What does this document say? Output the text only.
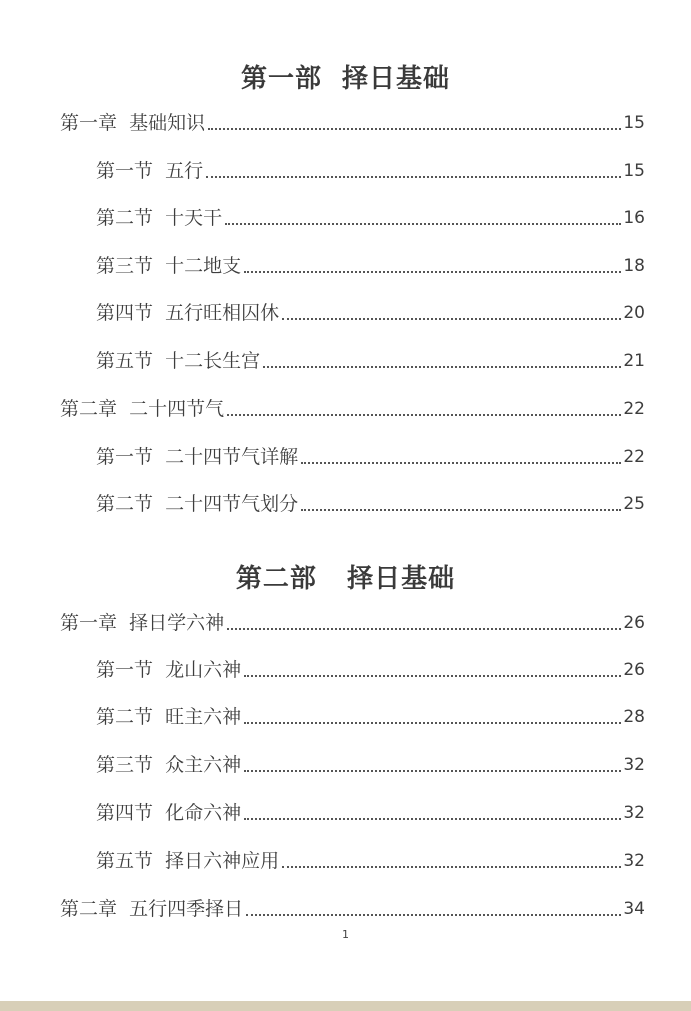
第一部  择日基础
第一章  基础知识	15
第一节  五行	15
第二节  十天干	16
第三节  十二地支	18
第四节  五行旺相囚休	20
第五节  十二长生宫	21
第二章  二十四节气	22
第一节  二十四节气详解	22
第二节  二十四节气划分	25
第二部   择日基础
第一章  择日学六神	26
第一节  龙山六神	26
第二节  旺主六神	28
第三节  众主六神	32
第四节  化命六神	32
第五节  择日六神应用	32
第二章  五行四季择日	34
1
